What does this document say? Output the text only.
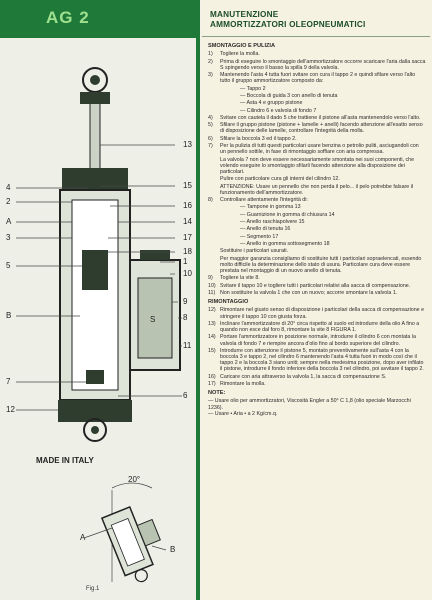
AG 2	MANUTENZIONE
AMMORTIZZATORI OLEOPNEUMATICI
SMONTAGGIO E PULIZIA
1)	Togliere la molla.
2)	Prima di eseguire lo smontaggio dell'ammortizzatore occorre scaricare l'aria dalla sacca S spingendo verso il basso la spilla 9 della valvola.
3)	Mantenendo l'asta 4 tutta fuori svitare con cura il tappo 2 e quindi sfilare verso l'alto tutto il gruppo ammortizzatore composto da:
— Tappo 2
— Boccola di guida 3 con anello di tenuta
— Asta 4 e gruppo pistone
— Cilindro 6 e valvola di fondo 7
4)	Svitare con cautela il dado 5 che trattiene il pistone all'asta mantenendolo verso l'alto.
5)	Sfilare il gruppo pistone (pistone + lamelle + anelli) facendo attenzione all'esatto senso di disposizione delle lamelle, controllare l'integrità della molla.
6)	Sfilare la boccola 3 ed il tappo 2.
7)	Per la pulizia di tutti questi particolari usare benzina o petrolio puliti, asciugandoli con un pennello sottile, in fase di rimontaggio soffiare con aria compressa.
La valvola 7 non deve essere necessariamente smontata nei suoi componenti, che volendo eseguire lo smontaggio sfilarli facendo attenzione alla disposizione dei particolari.
Pulire con particolare cura gli interni del cilindro 12.
ATTENZIONE: Usare un pennello che non perda il pelo... il pelo potrebbe falsare il funzionamento dell'ammortizzatore.
8)	Controllare attentamente l'integrità di:
— Tampone in gomma 13
— Guarnizione in gomma di chiusura 14
— Anello raschiapolvere 15
— Anello di tenuta 16
— Segmento 17
— Anello in gomma sottosegmento 18
Sostituire i particolari usurati.
Per maggior garanzia consigliamo di sostituire tutti i particolari sopraelencati, essendo molto difficile la determinazione dello stato di usura. Particolare cura deve essere prestata nel montaggio di un nuovo anello di tenuta.
9)	Togliere la vite 8.
10) Svitare il tappo 10 e togliere tutti i particolari relativi alla sacca di compensazione.
11) Non sostituire la valvola 1 che con un nuovo; accorre smontare la valvola 1.
RIMONTAGGIO
12) Rimontare nel giusto senso di disposizione i particolari della sacca di compensazione e stringere il tappo 10 con giusta forza.
13) Inclinare l'ammortizzatore di 20° circa rispetto al suolo ed introdurre della olio A fino a quando non esce dal foro 8, rimontare la vite 8 FIGURA 1.
14) Portare l'ammortizzatore in posizione normale, introdurre il cilindro 6 con montata la valvola di fondo 7 e riempire ancora d'olio fino al bordo superiore del cilindro.
15) Introdurre con attenzione il pistone 5, montato preventivamente sull'asta 4 con la boccola 3 e tappo 2, nel cilindro 6 mantenendo l'asta 4 tutta fuori in modo così che il tappo 2 e la boccola 3 siano uniti; sempre nella medesima posizione, dopo aver infilato il pistone, introdurre il fondo inferiore della boccola 3 nel cilindro, poi avvitare il tappo 2.
16) Caricare con aria attraverso la valvola 1, la sacca di compensazione S.
17) Rimontare la molla.
NOTE:
— Usare olio per ammortizzatori, Viscosità Engler a 50° C 1,8 (olio speciale Marzocchi 1236).
— Usare • Aria • a 2 Kg/cm.q.
S
4
2
A
3
5
B
7
12
13
15
16
14
17
18
1
10
9
8
11
6
20°
A
B
MADE IN ITALY
Fig.1
